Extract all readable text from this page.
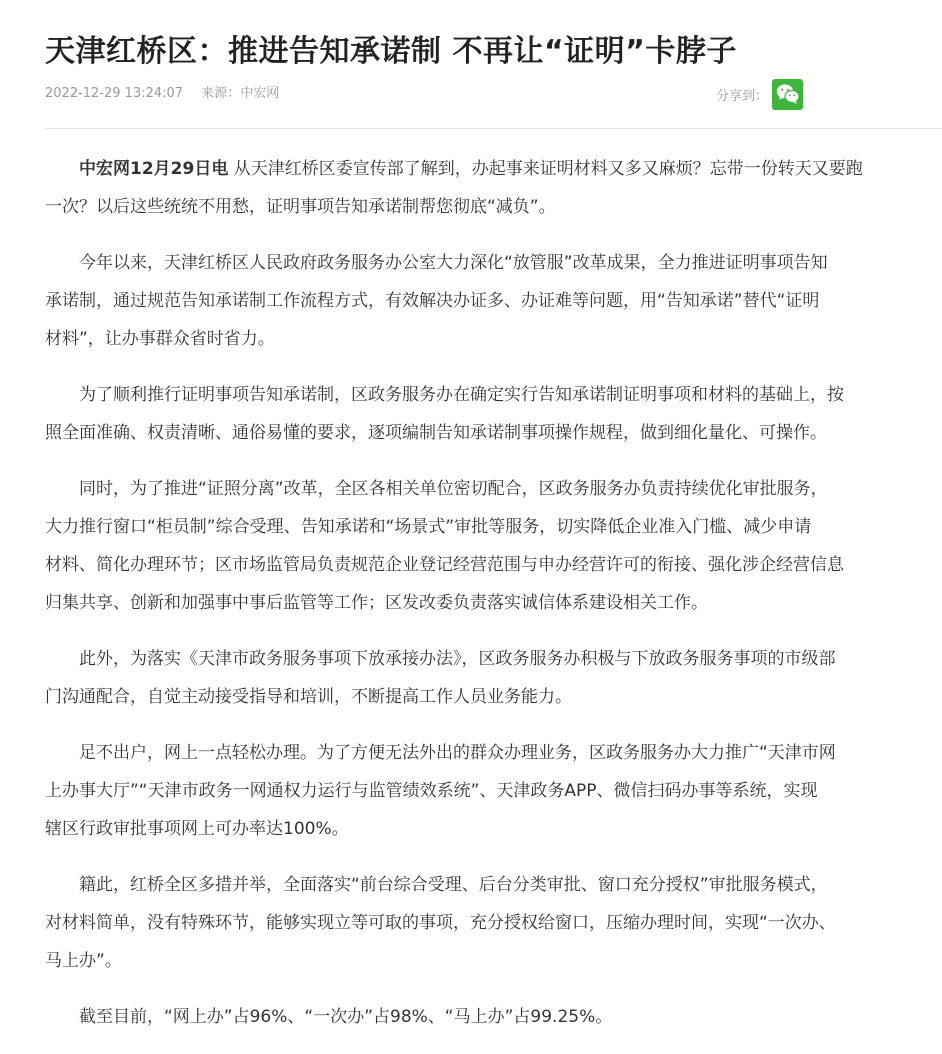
天津红桥区：推进告知承诺制 不再让“证明”卡脖子
2022-12-29 13:24:07 来源：中宏网	分享到：

中宏网12月29日电 从天津红桥区委宣传部了解到，办起事来证明材料又多又麻烦？忘带一份转天又要跑
一次？以后这些统统不用愁，证明事项告知承诺制帮您彻底“减负”。

今年以来，天津红桥区人民政府政务服务办公室大力深化“放管服”改革成果，全力推进证明事项告知
承诺制，通过规范告知承诺制工作流程方式，有效解决办证多、办证难等问题，用“告知承诺”替代“证明
材料”，让办事群众省时省力。

为了顺利推行证明事项告知承诺制，区政务服务办在确定实行告知承诺制证明事项和材料的基础上，按
照全面准确、权责清晰、通俗易懂的要求，逐项编制告知承诺制事项操作规程，做到细化量化、可操作。

同时，为了推进“证照分离”改革，全区各相关单位密切配合，区政务服务办负责持续优化审批服务，
大力推行窗口“柜员制”综合受理、告知承诺和“场景式”审批等服务，切实降低企业准入门槛、减少申请
材料、简化办理环节；区市场监管局负责规范企业登记经营范围与申办经营许可的衔接、强化涉企经营信息
归集共享、创新和加强事中事后监管等工作；区发改委负责落实诚信体系建设相关工作。

此外，为落实《天津市政务服务事项下放承接办法》，区政务服务办积极与下放政务服务事项的市级部
门沟通配合，自觉主动接受指导和培训，不断提高工作人员业务能力。

足不出户，网上一点轻松办理。为了方便无法外出的群众办理业务，区政务服务办大力推广“天津市网
上办事大厅”“天津市政务一网通权力运行与监管绩效系统”、天津政务APP、微信扫码办事等系统，实现
辖区行政审批事项网上可办率达100%。

籍此，红桥全区多措并举，全面落实“前台综合受理、后台分类审批、窗口充分授权”审批服务模式，
对材料简单，没有特殊环节，能够实现立等可取的事项，充分授权给窗口，压缩办理时间，实现“一次办、
马上办”。

截至目前，“网上办”占96%、“一次办”占98%、“马上办”占99.25%。
